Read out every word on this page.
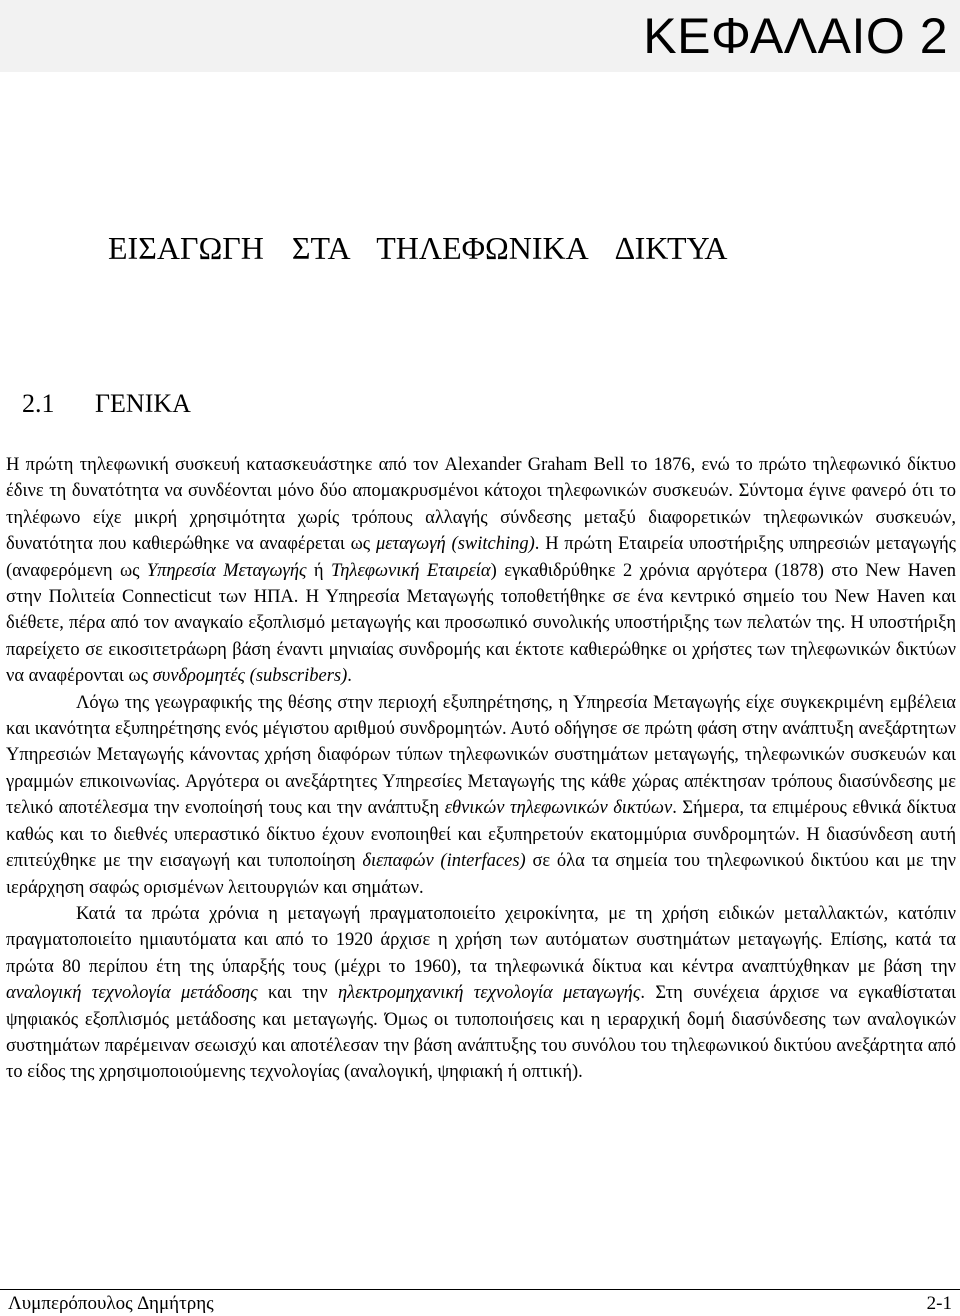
ΚΕΦΑΛΑΙΟ 2
ΕΙΣΑΓΩΓΗ  ΣΤΑ  ΤΗΛΕΦΩΝΙΚΑ  ∆ΙΚΤΥΑ
2.1 ΓΕΝΙΚΑ

Η πρώτη τηλεφωνική συσκευή κατασκευάστηκε από τον Alexander Graham Bell το 1876, ενώ το πρώτο τηλεφωνικό δίκτυο έδινε τη δυνατότητα να συνδέονται μόνο δύο απομακρυσμένοι κάτοχοι τηλεφωνικών συσκευών. Σύντομα έγινε φανερό ότι το τηλέφωνο είχε μικρή χρησιμότητα χωρίς τρόπους αλλαγής σύνδεσης μεταξύ διαφορετικών τηλεφωνικών συσκευών, δυνατότητα που καθιερώθηκε να αναφέρεται ως μεταγωγή (switching). Η πρώτη Εταιρεία υποστήριξης υπηρεσιών μεταγωγής (αναφερόμενη ως Υπηρεσία Μεταγωγής ή Τηλεφωνική Εταιρεία) εγκαθιδρύθηκε 2 χρόνια αργότερα (1878) στο New Haven στην Πολιτεία Connecticut των ΗΠΑ. Η Υπηρεσία Μεταγωγής τοποθετήθηκε σε ένα κεντρικό σημείο του New Haven και διέθετε, πέρα από τον αναγκαίο εξοπλισμό μεταγωγής και προσωπικό συνολικής υποστήριξης των πελατών της. Η υποστήριξη παρείχετο σε εικοσιτετράωρη βάση έναντι μηνιαίας συνδρομής και έκτοτε καθιερώθηκε οι χρήστες των τηλεφωνικών δικτύων να αναφέρονται ως συνδρομητές (subscribers).

Λόγω της γεωγραφικής της θέσης στην περιοχή εξυπηρέτησης, η Υπηρεσία Μεταγωγής είχε συγκεκριμένη εμβέλεια και ικανότητα εξυπηρέτησης ενός μέγιστου αριθμού συνδρομητών. Αυτό οδήγησε σε πρώτη φάση στην ανάπτυξη ανεξάρτητων Υπηρεσιών Μεταγωγής κάνοντας χρήση διαφόρων τύπων τηλεφωνικών συστημάτων μεταγωγής, τηλεφωνικών συσκευών και γραμμών επικοινωνίας. Αργότερα οι ανεξάρτητες Υπηρεσίες Μεταγωγής της κάθε χώρας απέκτησαν τρόπους διασύνδεσης με τελικό αποτέλεσμα την ενοποίησή τους και την ανάπτυξη εθνικών τηλεφωνικών δικτύων. Σήμερα, τα επιμέρους εθνικά δίκτυα καθώς και το διεθνές υπεραστικό δίκτυο έχουν ενοποιηθεί και εξυπηρετούν εκατομμύρια συνδρομητών. Η διασύνδεση αυτή επιτεύχθηκε με την εισαγωγή και τυποποίηση διεπαφών (interfaces) σε όλα τα σημεία του τηλεφωνικού δικτύου και με την ιεράρχηση σαφώς ορισμένων λειτουργιών και σημάτων.

Κατά τα πρώτα χρόνια η μεταγωγή πραγματοποιείτο χειροκίνητα, με τη χρήση ειδικών μεταλλακτών, κατόπιν πραγματοποιείτο ημιαυτόματα και από το 1920 άρχισε η χρήση των αυτόματων συστημάτων μεταγωγής. Επίσης, κατά τα πρώτα 80 περίπου έτη της ύπαρξής τους (μέχρι το 1960), τα τηλεφωνικά δίκτυα και κέντρα αναπτύχθηκαν με βάση την αναλογική τεχνολογία μετάδοσης και την ηλεκτρομηχανική τεχνολογία μεταγωγής. Στη συνέχεια άρχισε να εγκαθίσταται ψηφιακός εξοπλισμός μετάδοσης και μεταγωγής. Όμως οι τυποποιήσεις και η ιεραρχική δομή διασύνδεσης των αναλογικών συστημάτων παρέμειναν σεωισχύ και αποτέλεσαν την βάση ανάπτυξης του συνόλου του τηλεφωνικού δικτύου ανεξάρτητα από το είδος της χρησιμοποιούμενης τεχνολογίας (αναλογική, ψηφιακή ή οπτική).

Λυμπερόπουλος ∆ημήτρης	2-1
